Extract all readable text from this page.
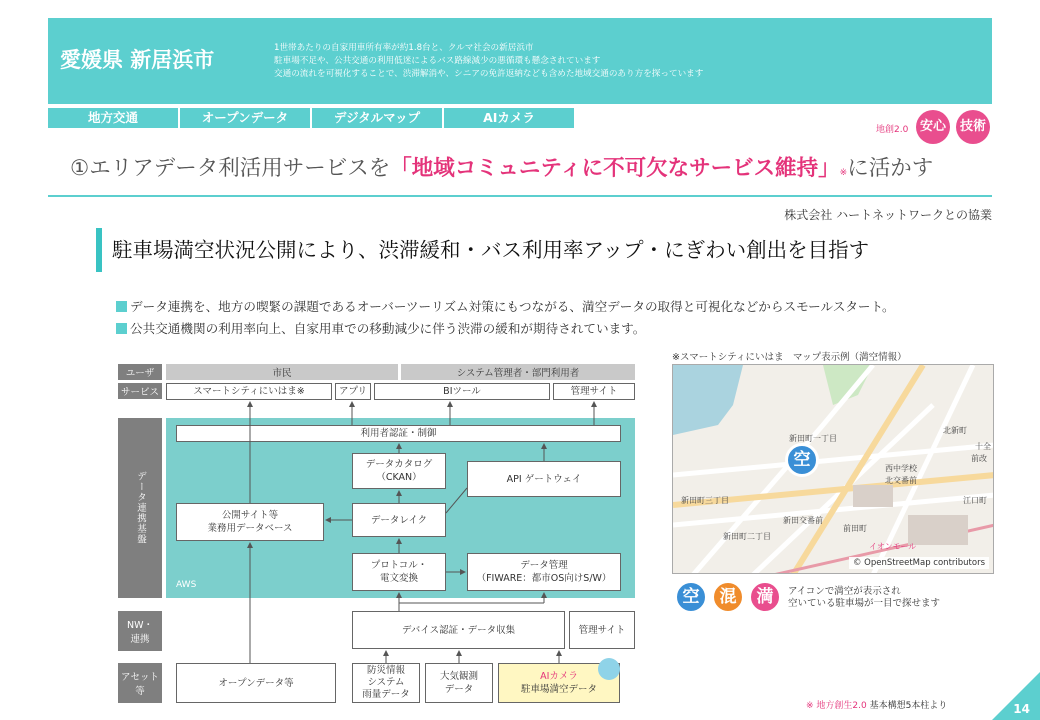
愛媛県 新居浜市	1世帯あたりの自家用車所有率が約1.8台と、クルマ社会の新居浜市
駐車場不足や、公共交通の利用低迷によるバス路線減少の悪循環も懸念されています
交通の流れを可視化することで、渋滞解消や、シニアの免許返納なども含めた地域交通のあり方を探っています
地方交通	オープンデータ	デジタルマップ	AIカメラ
地創2.0 安心	技術
①エリアデータ利活用サービスを「地域コミュニティに不可欠なサービス維持」※に活かす
株式会社 ハートネットワークとの協業
駐車場満空状況公開により、渋滞緩和・バス利用率アップ・にぎわい創出を目指す
データ連携を、地方の喫緊の課題であるオーバーツーリズム対策にもつながる、満空データの取得と可視化などからスモールスタート。
公共交通機関の利用率向上、自家用車での移動減少に伴う渋滞の緩和が期待されています。
ユーザ
サービス
データ連携基盤
NW・
連携
アセット
等
市民	システム管理者・部門利用者
スマートシティにいはま※	アプリ	BIツール	管理サイト
AWS
利用者認証・制御
データカタログ
（CKAN）	API ゲートウェイ
公開サイト等
業務用データベース
データレイク
プロトコル・
電文変換
データ管理
（FIWARE：都市OS向けS/W）
デバイス認証・データ収集	管理サイト
オープンデータ等
防災情報
システム
雨量データ
大気観測
データ
AIカメラ
駐車場満空データ
※スマートシティにいはま　マップ表示例（満空情報）
新田町一丁目
北新町
十全
前改
西中学校
北交番前
新田町三丁目
新田町二丁目
新田交番前
前田町
江口町
イオンモール
空
© OpenStreetMap contributors
空	混	満	アイコンで満空が表示され
空いている駐車場が一目で探せます
※ 地方創生2.0 基本構想5本柱より	14
